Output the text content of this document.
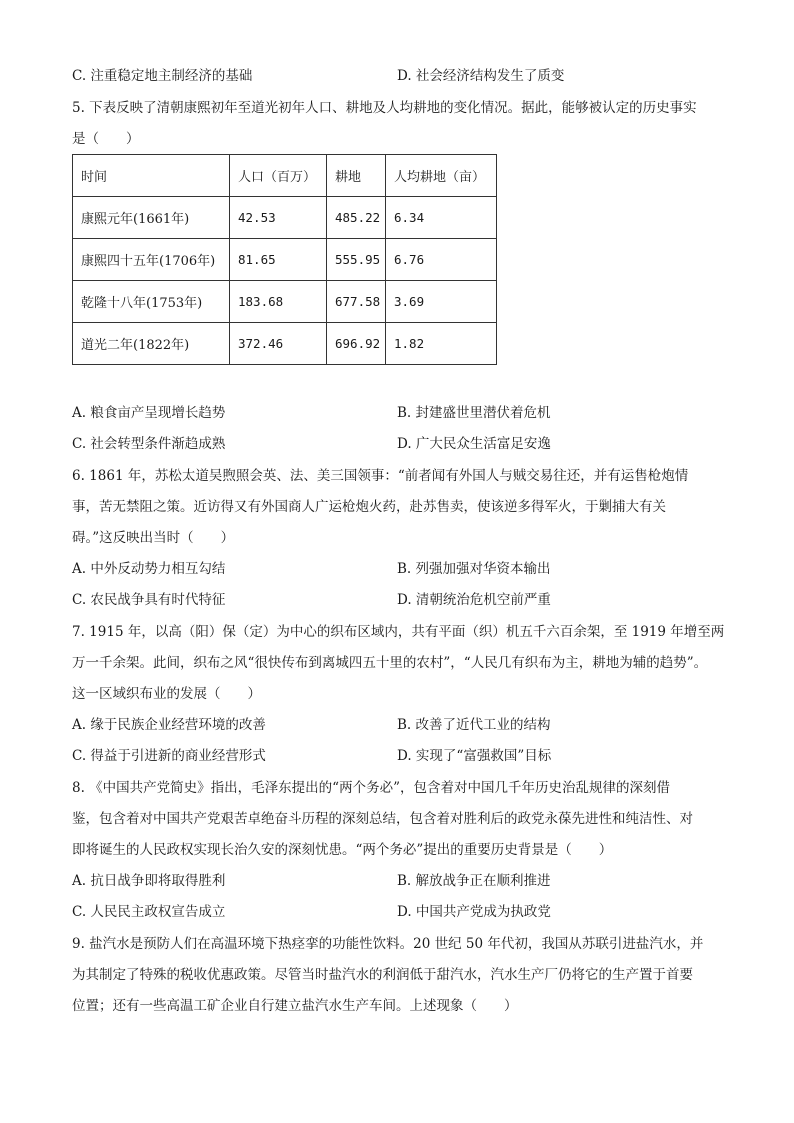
C. 注重稳定地主制经济的基础	D. 社会经济结构发生了质变
5. 下表反映了清朝康熙初年至道光初年人口、耕地及人均耕地的变化情况。据此，能够被认定的历史事实
是（　　）
时间	人口（百万）	耕地	人均耕地（亩）
康熙元年(1661年)	42.53	485.22	6.34
康熙四十五年(1706年)	81.65	555.95	6.76
乾隆十八年(1753年)	183.68	677.58	3.69
道光二年(1822年)	372.46	696.92	1.82
A. 粮食亩产呈现增长趋势	B. 封建盛世里潜伏着危机
C. 社会转型条件渐趋成熟	D. 广大民众生活富足安逸
6. 1861 年，苏松太道吴煦照会英、法、美三国领事：“前者闻有外国人与贼交易往还，并有运售枪炮情
事，苦无禁阻之策。近访得又有外国商人广运枪炮火药，赴苏售卖，使该逆多得军火，于剿捕大有关
碍。”这反映出当时（　　）
A. 中外反动势力相互勾结	B. 列强加强对华资本输出
C. 农民战争具有时代特征	D. 清朝统治危机空前严重
7. 1915 年，以高（阳）保（定）为中心的织布区域内，共有平面（织）机五千六百余架，至 1919 年增至两
万一千余架。此间，织布之风“很快传布到离城四五十里的农村”，“人民几有织布为主，耕地为辅的趋势”。
这一区域织布业的发展（　　）
A. 缘于民族企业经营环境的改善	B. 改善了近代工业的结构
C. 得益于引进新的商业经营形式	D. 实现了“富强救国”目标
8. 《中国共产党简史》指出，毛泽东提出的“两个务必”，包含着对中国几千年历史治乱规律的深刻借
鉴，包含着对中国共产党艰苦卓绝奋斗历程的深刻总结，包含着对胜利后的政党永葆先进性和纯洁性、对
即将诞生的人民政权实现长治久安的深刻忧患。“两个务必”提出的重要历史背景是（　　）
A. 抗日战争即将取得胜利	B. 解放战争正在顺利推进
C. 人民民主政权宣告成立	D. 中国共产党成为执政党
9. 盐汽水是预防人们在高温环境下热痉挛的功能性饮料。20 世纪 50 年代初，我国从苏联引进盐汽水，并
为其制定了特殊的税收优惠政策。尽管当时盐汽水的利润低于甜汽水，汽水生产厂仍将它的生产置于首要
位置；还有一些高温工矿企业自行建立盐汽水生产车间。上述现象（　　）
